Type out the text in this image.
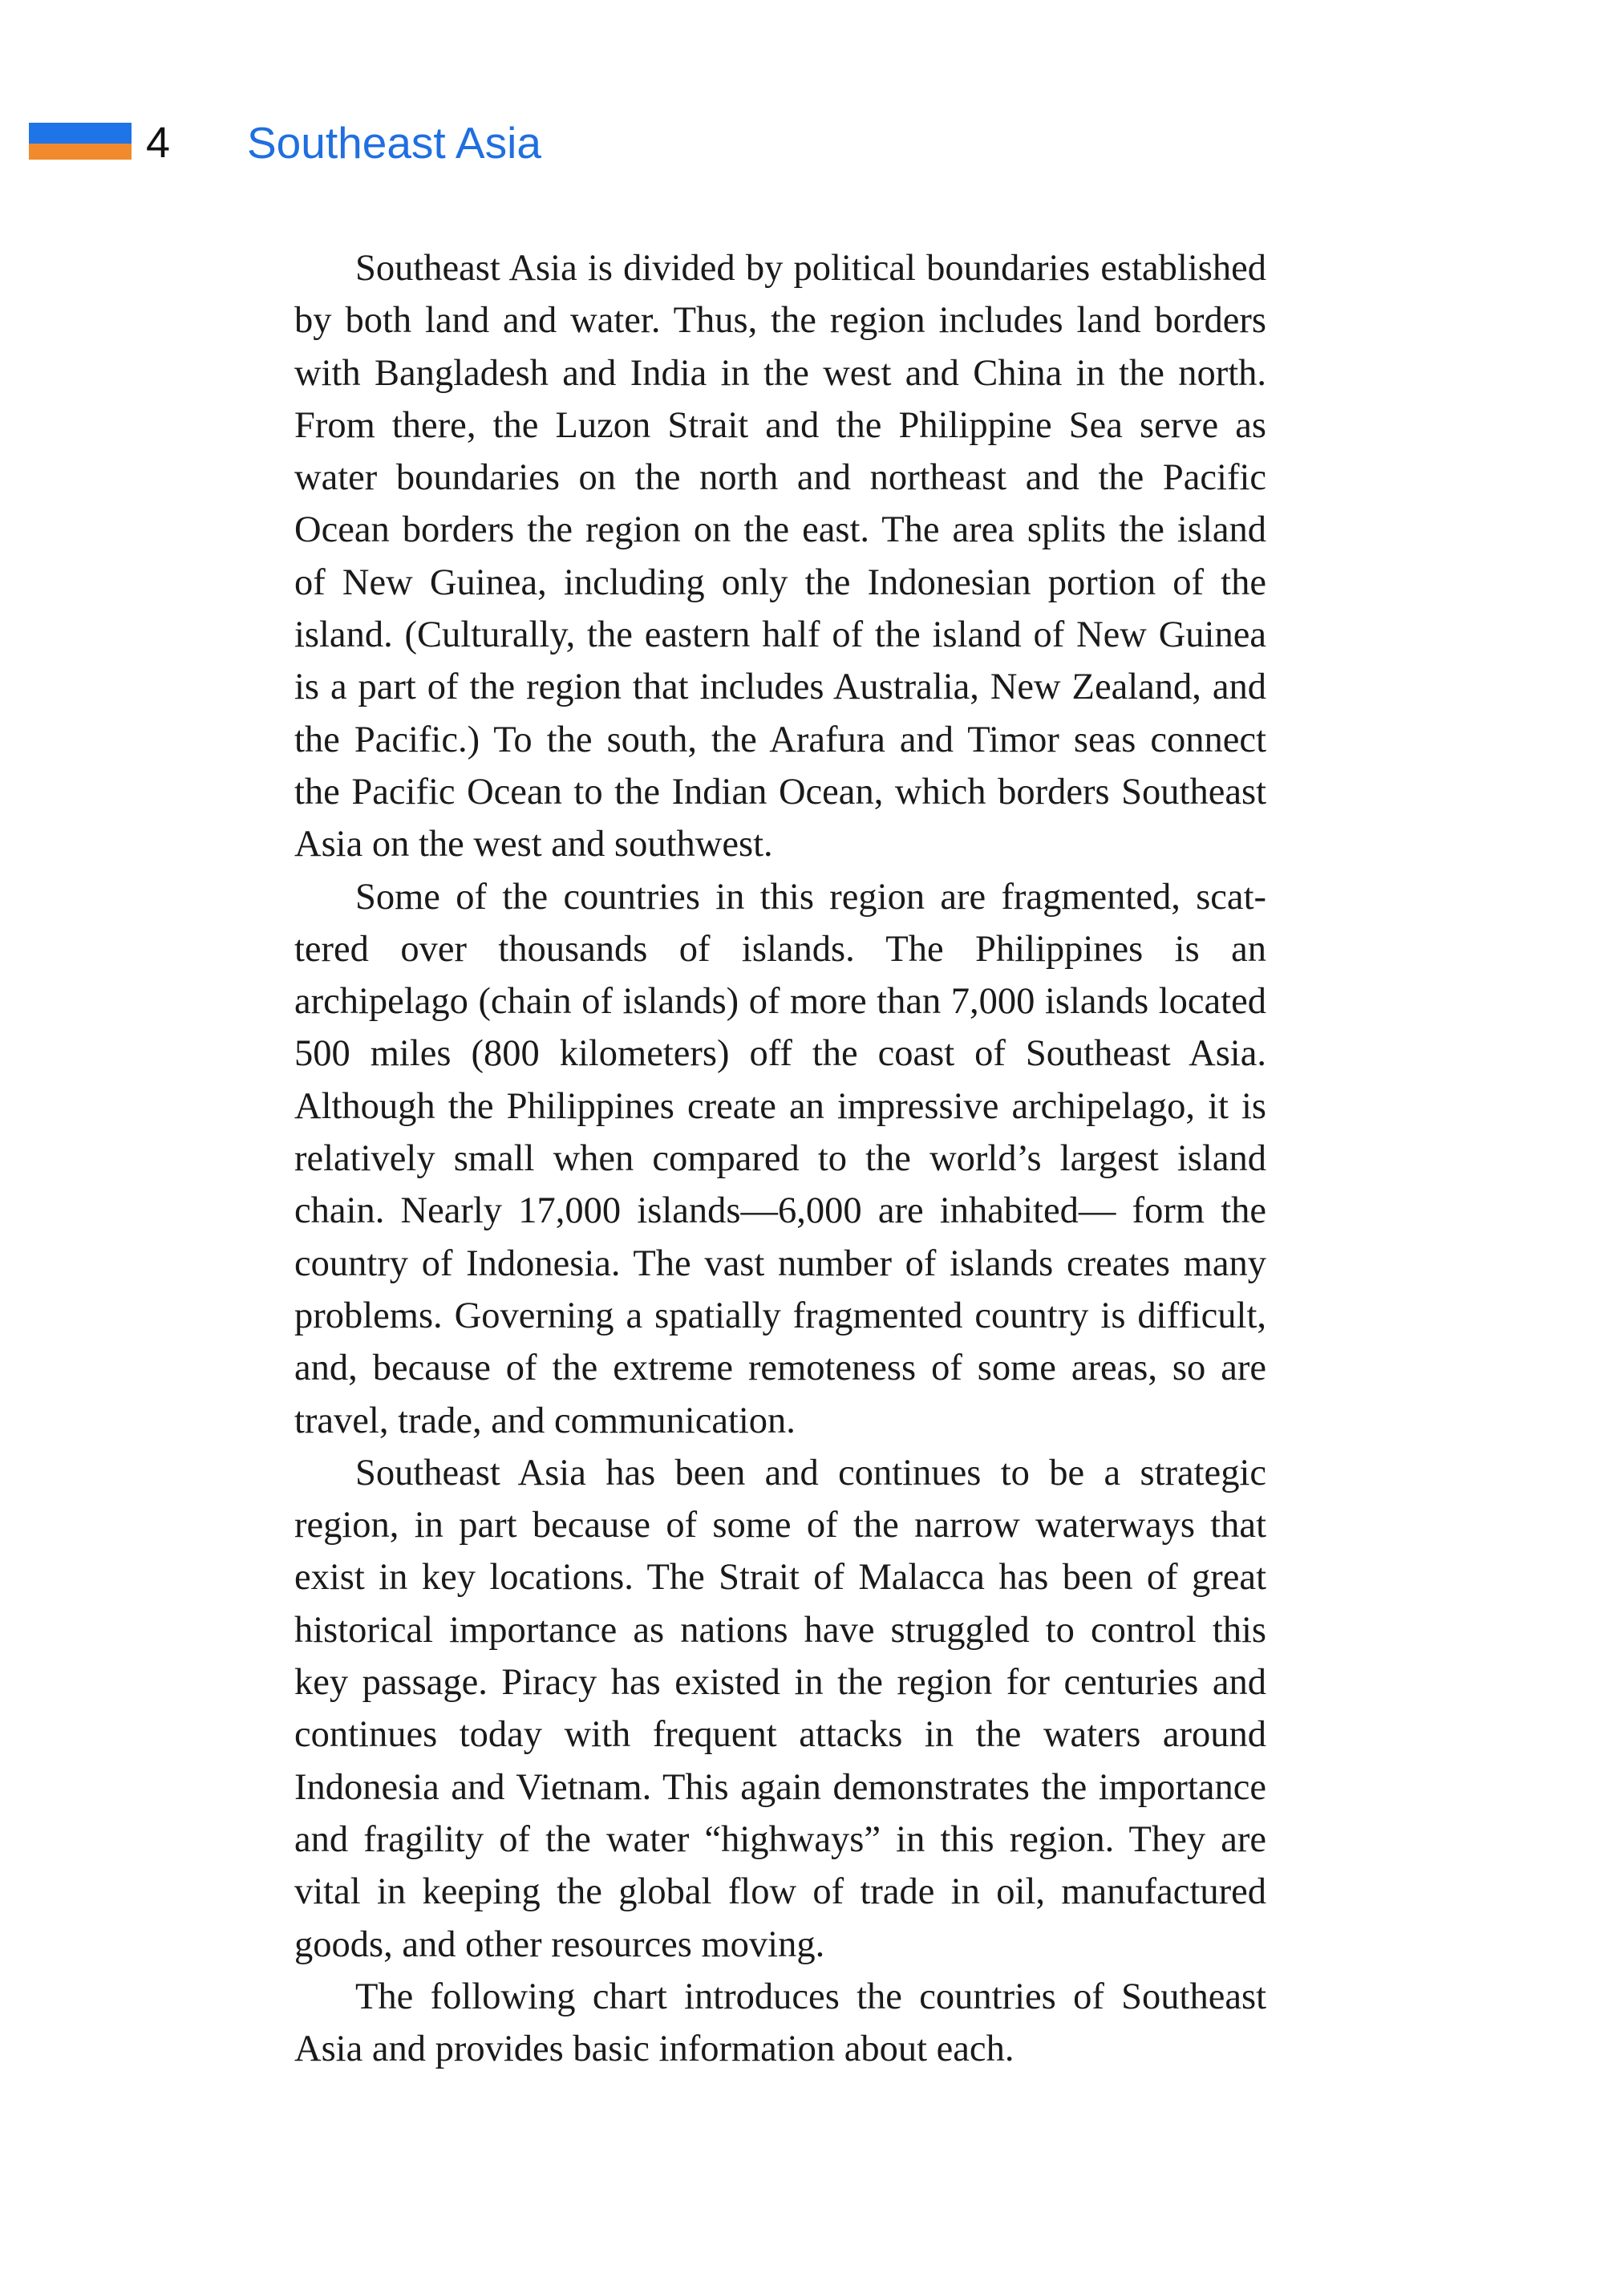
4 Southeast Asia

Southeast Asia is divided by political boundaries established by both land and water. Thus, the region includes land borders with Bangladesh and India in the west and China in the north. From there, the Luzon Strait and the Philippine Sea serve as water boundaries on the north and northeast and the Pacific Ocean borders the region on the east. The area splits the island of New Guinea, including only the Indonesian portion of the island. (Culturally, the eastern half of the island of New Guinea is a part of the region that includes Australia, New Zealand, and the Pacific.) To the south, the Arafura and Timor seas connect the Pacific Ocean to the Indian Ocean, which borders Southeast Asia on the west and southwest.

Some of the countries in this region are fragmented, scattered over thousands of islands. The Philippines is an archipelago (chain of islands) of more than 7,000 islands located 500 miles (800 kilometers) off the coast of Southeast Asia. Although the Philippines create an impressive archipelago, it is relatively small when compared to the world’s largest island chain. Nearly 17,000 islands—6,000 are inhabited— form the country of Indonesia. The vast number of islands creates many problems. Governing a spatially fragmented country is difficult, and, because of the extreme remoteness of some areas, so are travel, trade, and communication.

Southeast Asia has been and continues to be a strategic region, in part because of some of the narrow waterways that exist in key locations. The Strait of Malacca has been of great historical importance as nations have struggled to control this key passage. Piracy has existed in the region for centuries and continues today with frequent attacks in the waters around Indonesia and Vietnam. This again demonstrates the importance and fragility of the water “highways” in this region. They are vital in keeping the global flow of trade in oil, manufactured goods, and other resources moving.

The following chart introduces the countries of Southeast Asia and provides basic information about each.
